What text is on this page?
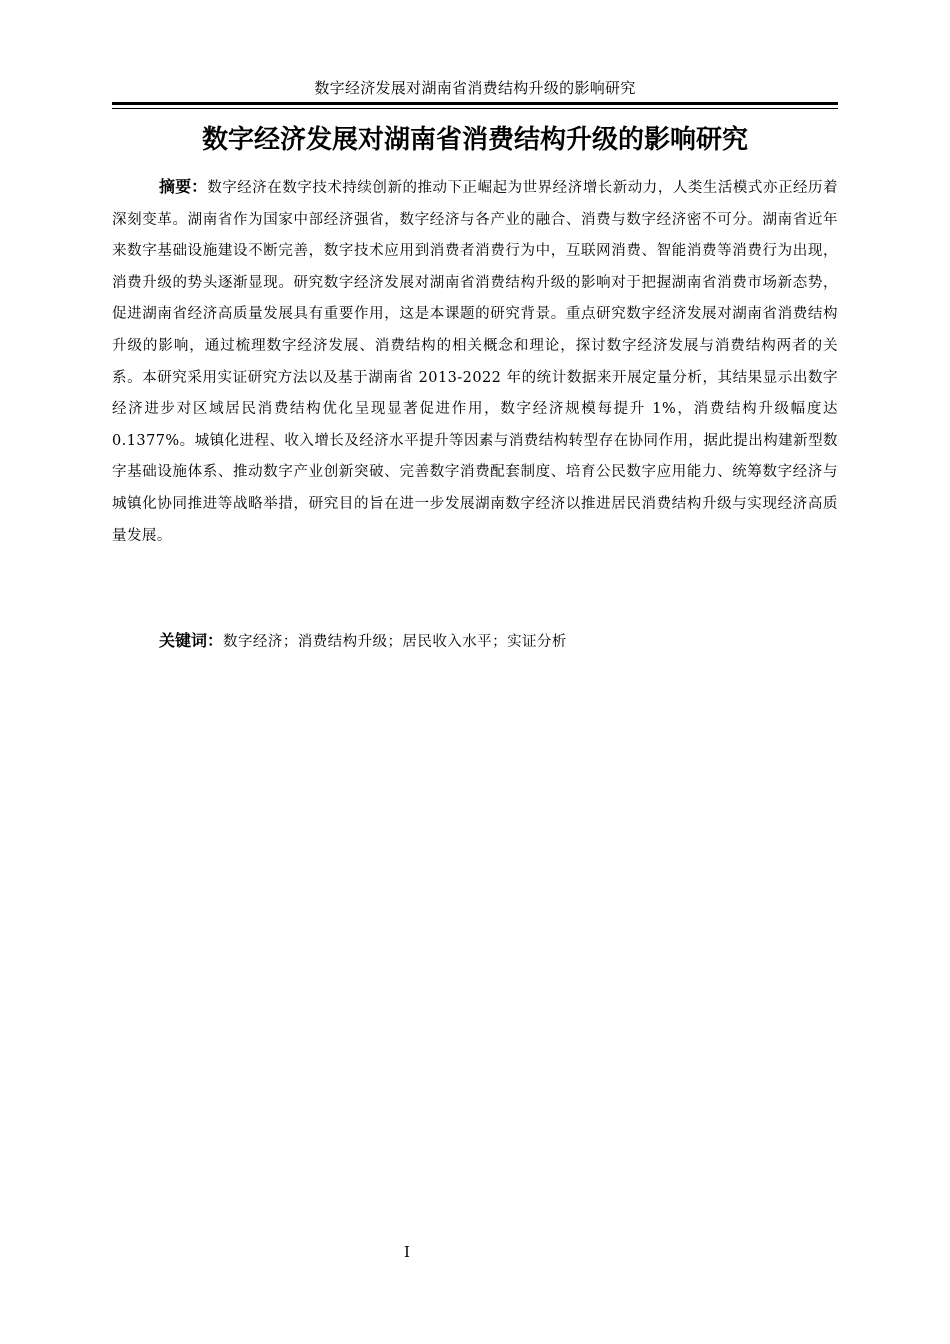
数字经济发展对湖南省消费结构升级的影响研究
数字经济发展对湖南省消费结构升级的影响研究

摘要：数字经济在数字技术持续创新的推动下正崛起为世界经济增长新动力，人类生活模式亦正经历着深刻变革。湖南省作为国家中部经济强省，数字经济与各产业的融合、消费与数字经济密不可分。湖南省近年来数字基础设施建设不断完善，数字技术应用到消费者消费行为中，互联网消费、智能消费等消费行为出现，消费升级的势头逐渐显现。研究数字经济发展对湖南省消费结构升级的影响对于把握湖南省消费市场新态势，促进湖南省经济高质量发展具有重要作用，这是本课题的研究背景。重点研究数字经济发展对湖南省消费结构升级的影响，通过梳理数字经济发展、消费结构的相关概念和理论，探讨数字经济发展与消费结构两者的关系。本研究采用实证研究方法以及基于湖南省 2013-2022 年的统计数据来开展定量分析，其结果显示出数字经济进步对区域居民消费结构优化呈现显著促进作用，数字经济规模每提升 1%，消费结构升级幅度达 0.1377%。城镇化进程、收入增长及经济水平提升等因素与消费结构转型存在协同作用，据此提出构建新型数字基础设施体系、推动数字产业创新突破、完善数字消费配套制度、培育公民数字应用能力、统筹数字经济与城镇化协同推进等战略举措，研究目的旨在进一步发展湖南数字经济以推进居民消费结构升级与实现经济高质量发展。

关键词：数字经济；消费结构升级；居民收入水平；实证分析

I
